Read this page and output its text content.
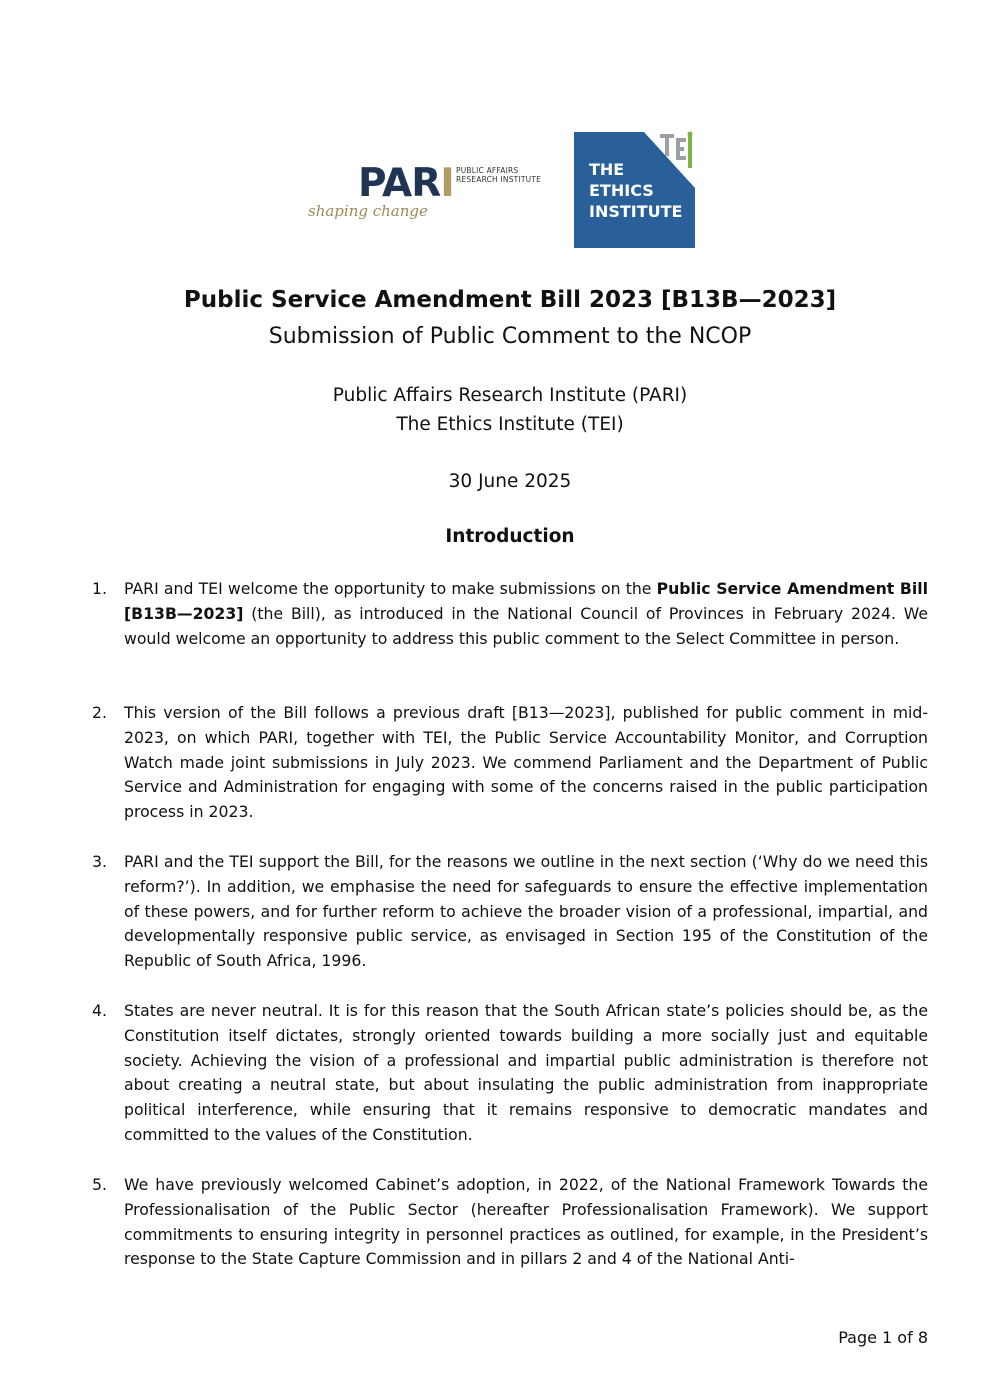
PARI PUBLIC AFFAIRS
RESEARCH INSTITUTE
shaping change
THE
ETHICS
INSTITUTE
Public Service Amendment Bill 2023 [B13B—2023]
Submission of Public Comment to the NCOP
Public Affairs Research Institute (PARI)
The Ethics Institute (TEI)
30 June 2025
Introduction

1. PARI and TEI welcome the opportunity to make submissions on the Public Service Amendment Bill [B13B—2023] (the Bill), as introduced in the National Council of Provinces in February 2024. We would welcome an opportunity to address this public comment to the Select Committee in person.

2. This version of the Bill follows a previous draft [B13—2023], published for public comment in mid-2023, on which PARI, together with TEI, the Public Service Accountability Monitor, and Corruption Watch made joint submissions in July 2023. We commend Parliament and the Department of Public Service and Administration for engaging with some of the concerns raised in the public participation process in 2023.

3. PARI and the TEI support the Bill, for the reasons we outline in the next section (‘Why do we need this reform?’). In addition, we emphasise the need for safeguards to ensure the effective implementation of these powers, and for further reform to achieve the broader vision of a professional, impartial, and developmentally responsive public service, as envisaged in Section 195 of the Constitution of the Republic of South Africa, 1996.

4. States are never neutral. It is for this reason that the South African state’s policies should be, as the Constitution itself dictates, strongly oriented towards building a more socially just and equitable society. Achieving the vision of a professional and impartial public administration is therefore not about creating a neutral state, but about insulating the public administration from inappropriate political interference, while ensuring that it remains responsive to democratic mandates and committed to the values of the Constitution.

5. We have previously welcomed Cabinet’s adoption, in 2022, of the National Framework Towards the Professionalisation of the Public Sector (hereafter Professionalisation Framework). We support commitments to ensuring integrity in personnel practices as outlined, for example, in the President’s response to the State Capture Commission and in pillars 2 and 4 of the National Anti-

Page 1 of 8
